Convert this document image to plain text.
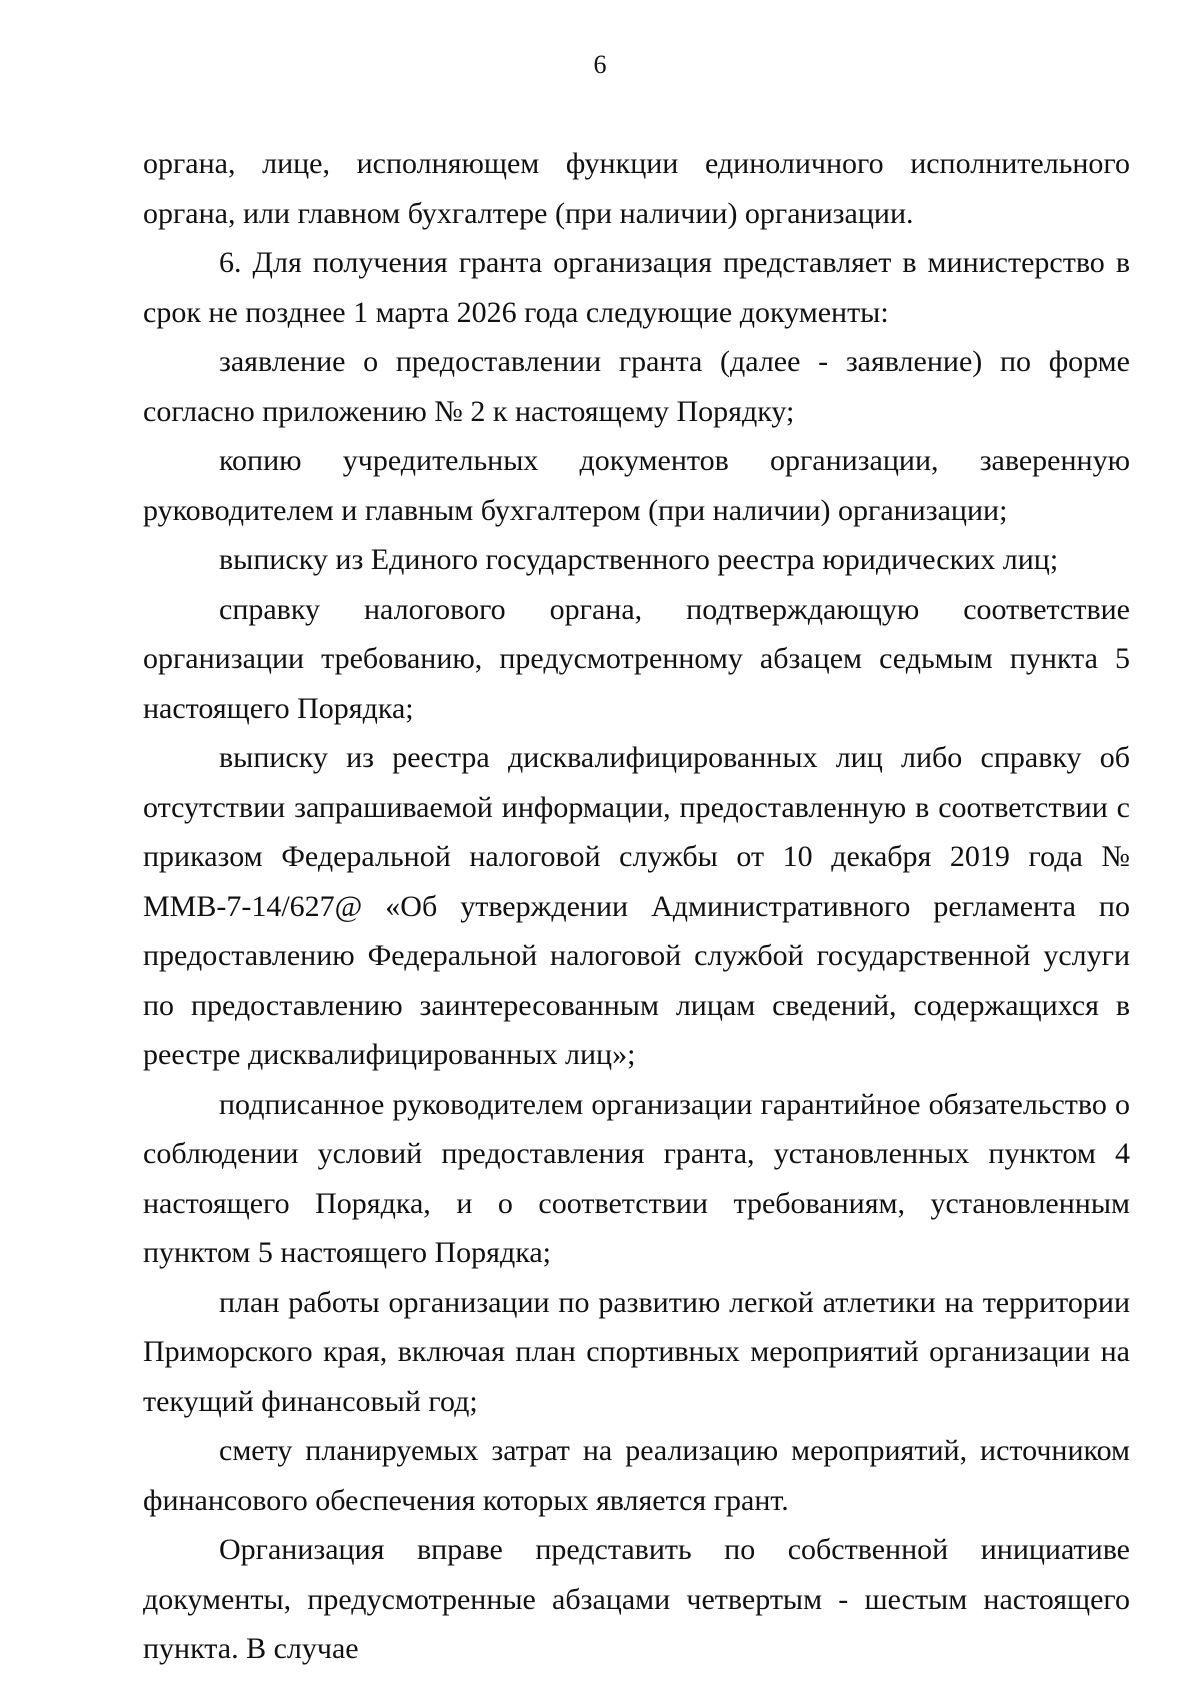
6

органа, лице, исполняющем функции единоличного исполнительного органа, или главном бухгалтере (при наличии) организации.

6. Для получения гранта организация представляет в министерство в срок не позднее 1 марта 2026 года следующие документы:

заявление о предоставлении гранта (далее - заявление) по форме согласно приложению № 2 к настоящему Порядку;

копию учредительных документов организации, заверенную руководителем и главным бухгалтером (при наличии) организации;

выписку из Единого государственного реестра юридических лиц;

справку налогового органа, подтверждающую соответствие организации требованию, предусмотренному абзацем седьмым пункта 5 настоящего Порядка;

выписку из реестра дисквалифицированных лиц либо справку об отсутствии запрашиваемой информации, предоставленную в соответствии с приказом Федеральной налоговой службы от 10 декабря 2019 года № ММВ-7-14/627@ «Об утверждении Административного регламента по предоставлению Федеральной налоговой службой государственной услуги по предоставлению заинтересованным лицам сведений, содержащихся в реестре дисквалифицированных лиц»;

подписанное руководителем организации гарантийное обязательство о соблюдении условий предоставления гранта, установленных пунктом 4 настоящего Порядка, и о соответствии требованиям, установленным пунктом 5 настоящего Порядка;

план работы организации по развитию легкой атлетики на территории Приморского края, включая план спортивных мероприятий организации на текущий финансовый год;

смету планируемых затрат на реализацию мероприятий, источником финансового обеспечения которых является грант.

Организация вправе представить по собственной инициативе документы, предусмотренные абзацами четвертым - шестым настоящего пункта. В случае
